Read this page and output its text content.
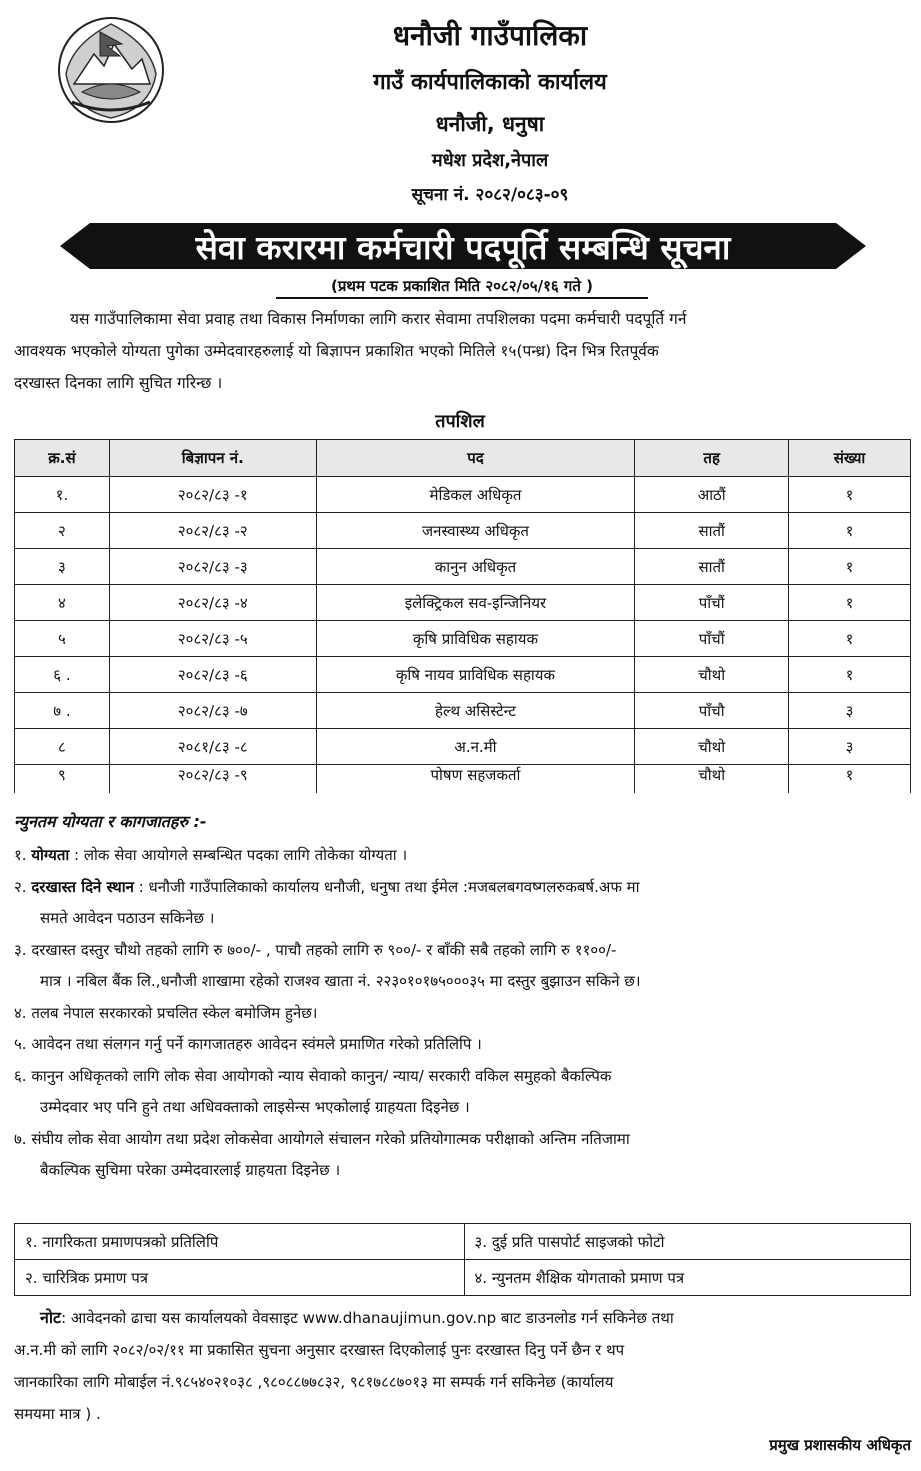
धनौजी गाउँपालिका
गाउँ कार्यपालिकाको कार्यालय
धनौजी, धनुषा
मधेश प्रदेश,नेपाल
सूचना नं. २०८२/०८३-०९
सेवा करारमा कर्मचारी पदपूर्ति सम्बन्धि सूचना
(प्रथम पटक प्रकाशित मिति २०८२/०५/१६ गते )
यस गाउँपालिकामा सेवा प्रवाह तथा विकास निर्माणका लागि करार सेवामा तपशिलका पदमा कर्मचारी पदपूर्ति गर्न
आवश्यक भएकोले योग्यता पुगेका उम्मेदवारहरुलाई यो बिज्ञापन प्रकाशित भएको मितिले १५(पन्ध्र) दिन भित्र रितपूर्वक
दरखास्त दिनका लागि सुचित गरिन्छ ।
तपशिल
क्र.सं	बिज्ञापन नं.	पद	तह	संख्या
१.	२०८२/८३ -१	मेडिकल अधिकृत	आठौं	१
२	२०८२/८३ -२	जनस्वास्थ्य अधिकृत	सातौं	१
३	२०८२/८३ -३	कानुन अधिकृत	सातौं	१
४	२०८२/८३ -४	इलेक्ट्रिकल सव-इन्जिनियर	पाँचौं	१
५	२०८२/८३ -५	कृषि प्राविधिक सहायक	पाँचौं	१
६ .	२०८२/८३ -६	कृषि नायव प्राविधिक सहायक	चौथो	१
७ .	२०८२/८३ -७	हेल्थ असिस्टेन्ट	पाँचौ	३
८	२०८१/८३ -८	अ.न.मी	चौथो	३
९	२०८२/८३ -९	पोषण सहजकर्ता	चौथो	१
न्युनतम योग्यता र कागजातहरु :-
१. योग्यता : लोक सेवा आयोगले सम्बन्धित पदका लागि तोकेका योग्यता ।
२. दरखास्त दिने स्थान : धनौजी गाउँपालिकाको कार्यालय धनौजी, धनुषा तथा ईमेल :मजबलबगवष्गलरुकबर्ष.अफ मा
समते आवेदन पठाउन सकिनेछ ।
३. दरखास्त दस्तुर चौथो तहको लागि रु ७००/- , पाचौ तहको लागि रु ९००/- र बाँकी सबै तहको लागि रु ११००/-
मात्र । नबिल बैंक लि.,धनौजी शाखामा रहेको राजश्व खाता नं. २२३०१०१७५०००३५ मा दस्तुर बुझाउन सकिने छ।
४. तलब नेपाल सरकारको प्रचलित स्केल बमोजिम हुनेछ।
५. आवेदन तथा संलगन गर्नु पर्ने कागजातहरु आवेदन स्वंमले प्रमाणित गरेको प्रतिलिपि ।
६. कानुन अधिकृतको लागि लोक सेवा आयोगको न्याय सेवाको कानुन/ न्याय/ सरकारी वकिल समुहको बैकल्पिक
उम्मेदवार भए पनि हुने तथा अधिवक्ताको लाइसेन्स भएकोलाई ग्राहयता दिइनेछ ।
७. संघीय लोक सेवा आयोग तथा प्रदेश लोकसेवा आयोगले संचालन गरेको प्रतियोगात्मक परीक्षाको अन्तिम नतिजामा
बैकल्पिक सुचिमा परेका उम्मेदवारलाई ग्राहयता दिइनेछ ।
१. नागरिकता प्रमाणपत्रको प्रतिलिपि	३. दुई प्रति पासपोर्ट साइजको फोटो
२. चारित्रिक प्रमाण पत्र	४. न्युनतम शैक्षिक योगताको प्रमाण पत्र
नोट: आवेदनको ढाचा यस कार्यालयको वेवसाइट www.dhanaujimun.gov.np बाट डाउनलोड गर्न सकिनेछ तथा
अ.न.मी को लागि २०८२/०२/११ मा प्रकासित सुचना अनुसार दरखास्त दिएकोलाई पुनः दरखास्त दिनु पर्ने छैन र थप
जानकारिका लागि मोबाईल नं.९८५४०२१०३८ ,९८०८८७७८३२, ९८१७८८७०१३ मा सम्पर्क गर्न सकिनेछ (कार्यालय
समयमा मात्र ) .
प्रमुख प्रशासकीय अधिकृत
